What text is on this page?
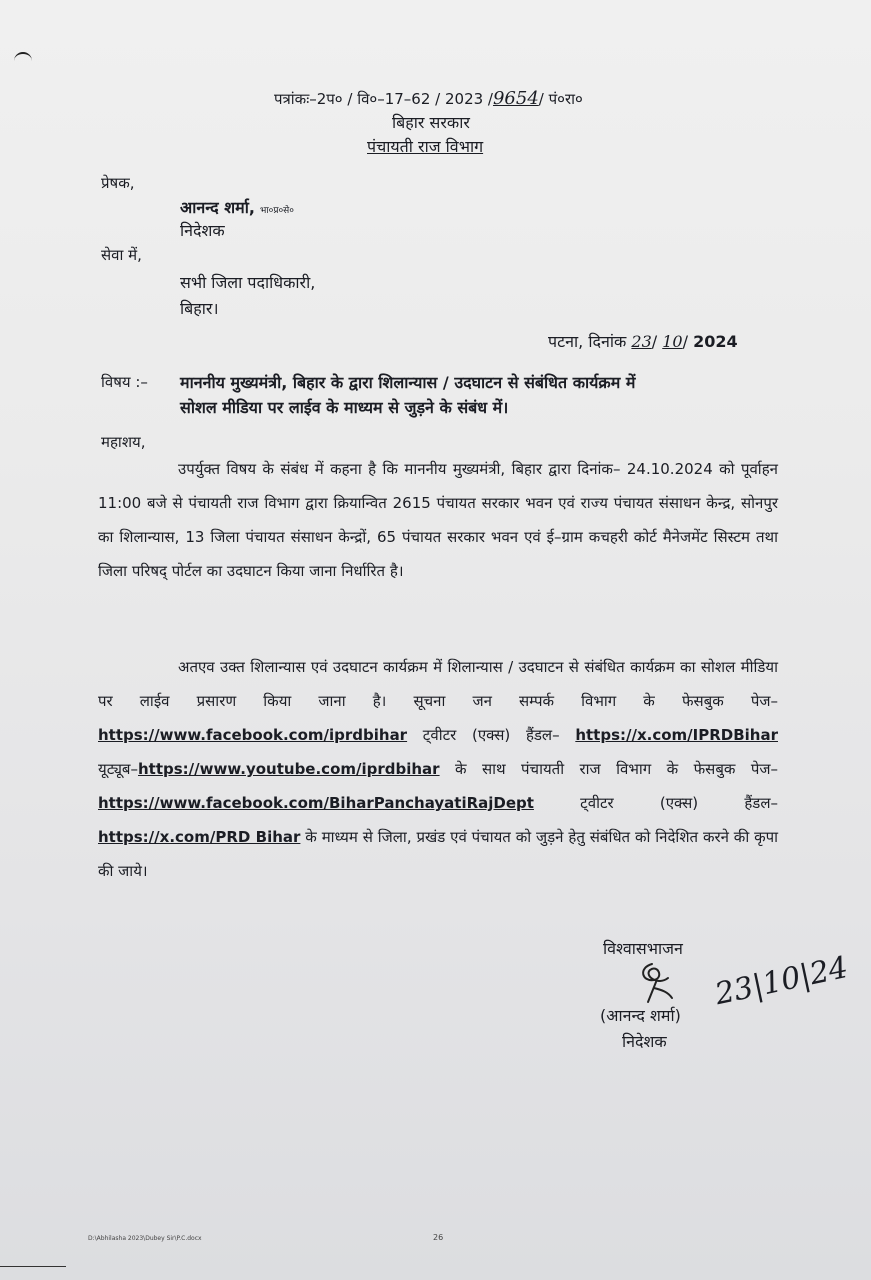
पत्रांकः–2प० / वि०–17–62 / 2023 /9654/ पं०रा०
बिहार सरकार
पंचायती राज विभाग
प्रेषक,
आनन्द शर्मा, भा०प्र०से०
निदेशक
सेवा में,
सभी जिला पदाधिकारी,
बिहार।
पटना, दिनांक 23/ 10/ 2024
विषय :– माननीय मुख्यमंत्री, बिहार के द्वारा शिलान्यास / उदघाटन से संबंधित कार्यक्रम में
सोशल मीडिया पर लाईव के माध्यम से जुड़ने के संबंध में।
महाशय,
उपर्युक्त विषय के संबंध में कहना है कि माननीय मुख्यमंत्री, बिहार द्वारा दिनांक– 24.10.2024 को पूर्वाहन 11:00 बजे से पंचायती राज विभाग द्वारा क्रियान्वित 2615 पंचायत सरकार भवन एवं राज्य पंचायत संसाधन केन्द्र, सोनपुर का शिलान्यास, 13 जिला पंचायत संसाधन केन्द्रों, 65 पंचायत सरकार भवन एवं ई–ग्राम कचहरी कोर्ट मैनेजमेंट सिस्टम तथा जिला परिषद् पोर्टल का उदघाटन किया जाना निर्धारित है।
अतएव उक्त शिलान्यास एवं उदघाटन कार्यक्रम में शिलान्यास / उदघाटन से संबंधित कार्यक्रम का सोशल मीडिया पर लाईव प्रसारण किया जाना है। सूचना जन सम्पर्क विभाग के फेसबुक पेज–https://www.facebook.com/iprdbihar ट्वीटर (एक्स) हैंडल– https://x.com/IPRDBihar यूट्यूब–https://www.youtube.com/iprdbihar के साथ पंचायती राज विभाग के फेसबुक पेज–https://www.facebook.com/BiharPanchayatiRajDept ट्वीटर (एक्स) हैंडल–https://x.com/PRD Bihar के माध्यम से जिला, प्रखंड एवं पंचायत को जुड़ने हेतु संबंधित को निदेशित करने की कृपा की जाये।
विश्वासभाजन
(आनन्द शर्मा)
निदेशक
23|10|24
D:\Abhilasha 2023\Dubey Sir\P.C.docx	26
